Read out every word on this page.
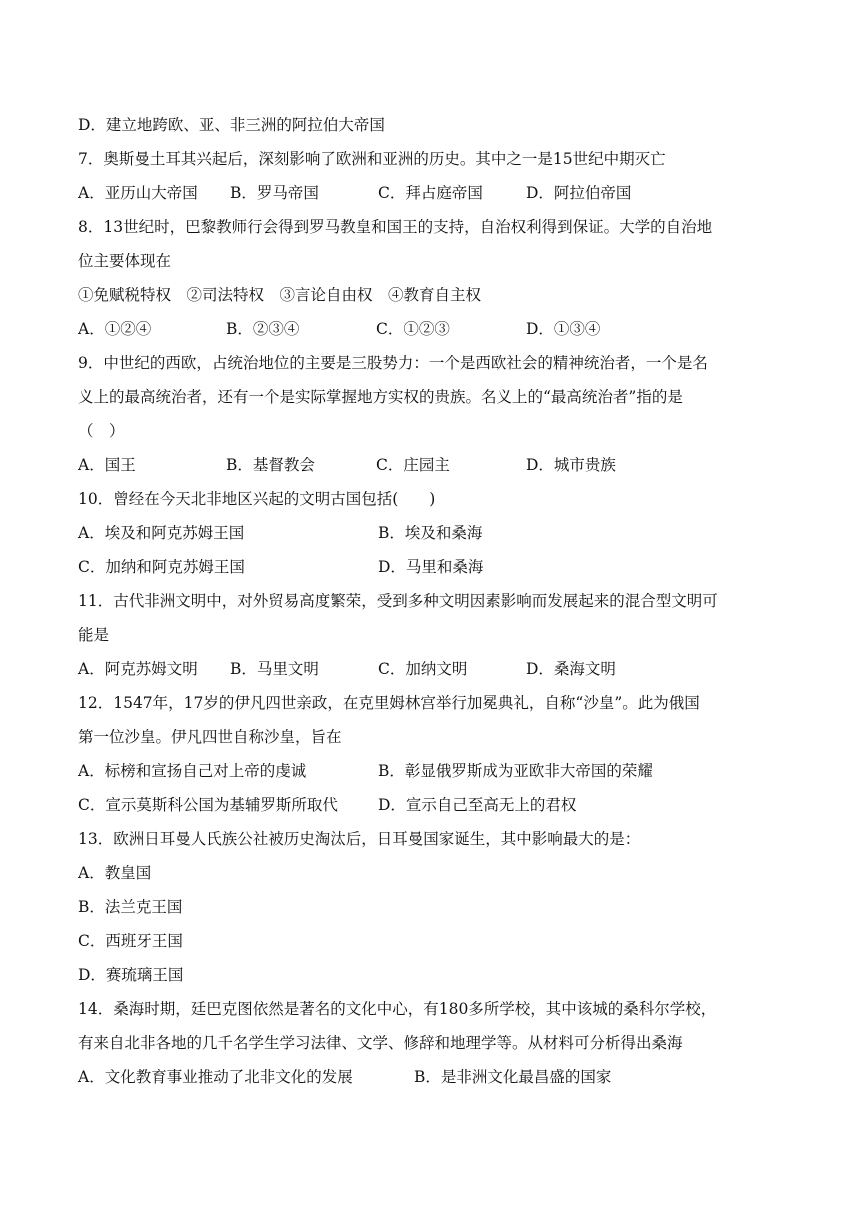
D．建立地跨欧、亚、非三洲的阿拉伯大帝国
7．奥斯曼土耳其兴起后，深刻影响了欧洲和亚洲的历史。其中之一是15世纪中期灭亡
A．亚历山大帝国	B．罗马帝国	C．拜占庭帝国	D．阿拉伯帝国
8．13世纪时，巴黎教师行会得到罗马教皇和国王的支持，自治权利得到保证。大学的自治地
位主要体现在
①免赋税特权　②司法特权　③言论自由权　④教育自主权
A．①②④	B．②③④	C．①②③	D．①③④
9．中世纪的西欧，占统治地位的主要是三股势力：一个是西欧社会的精神统治者，一个是名
义上的最高统治者，还有一个是实际掌握地方实权的贵族。名义上的“最高统治者”指的是
（　）
A．国王	B．基督教会	C．庄园主	D．城市贵族
10．曾经在今天北非地区兴起的文明古国包括(　　)
A．埃及和阿克苏姆王国	B．埃及和桑海
C．加纳和阿克苏姆王国	D．马里和桑海
11．古代非洲文明中，对外贸易高度繁荣，受到多种文明因素影响而发展起来的混合型文明可
能是
A．阿克苏姆文明	B．马里文明	C．加纳文明	D．桑海文明
12．1547年，17岁的伊凡四世亲政，在克里姆林宫举行加冕典礼，自称“沙皇”。此为俄国
第一位沙皇。伊凡四世自称沙皇，旨在
A．标榜和宣扬自己对上帝的虔诚	B．彰显俄罗斯成为亚欧非大帝国的荣耀
C．宣示莫斯科公国为基辅罗斯所取代	D．宣示自己至高无上的君权
13．欧洲日耳曼人氏族公社被历史淘汰后，日耳曼国家诞生，其中影响最大的是：
A．教皇国
B．法兰克王国
C．西班牙王国
D．赛琉璃王国
14．桑海时期，廷巴克图依然是著名的文化中心，有180多所学校，其中该城的桑科尔学校，
有来自北非各地的几千名学生学习法律、文学、修辞和地理学等。从材料可分析得出桑海
A．文化教育事业推动了北非文化的发展	B．是非洲文化最昌盛的国家
